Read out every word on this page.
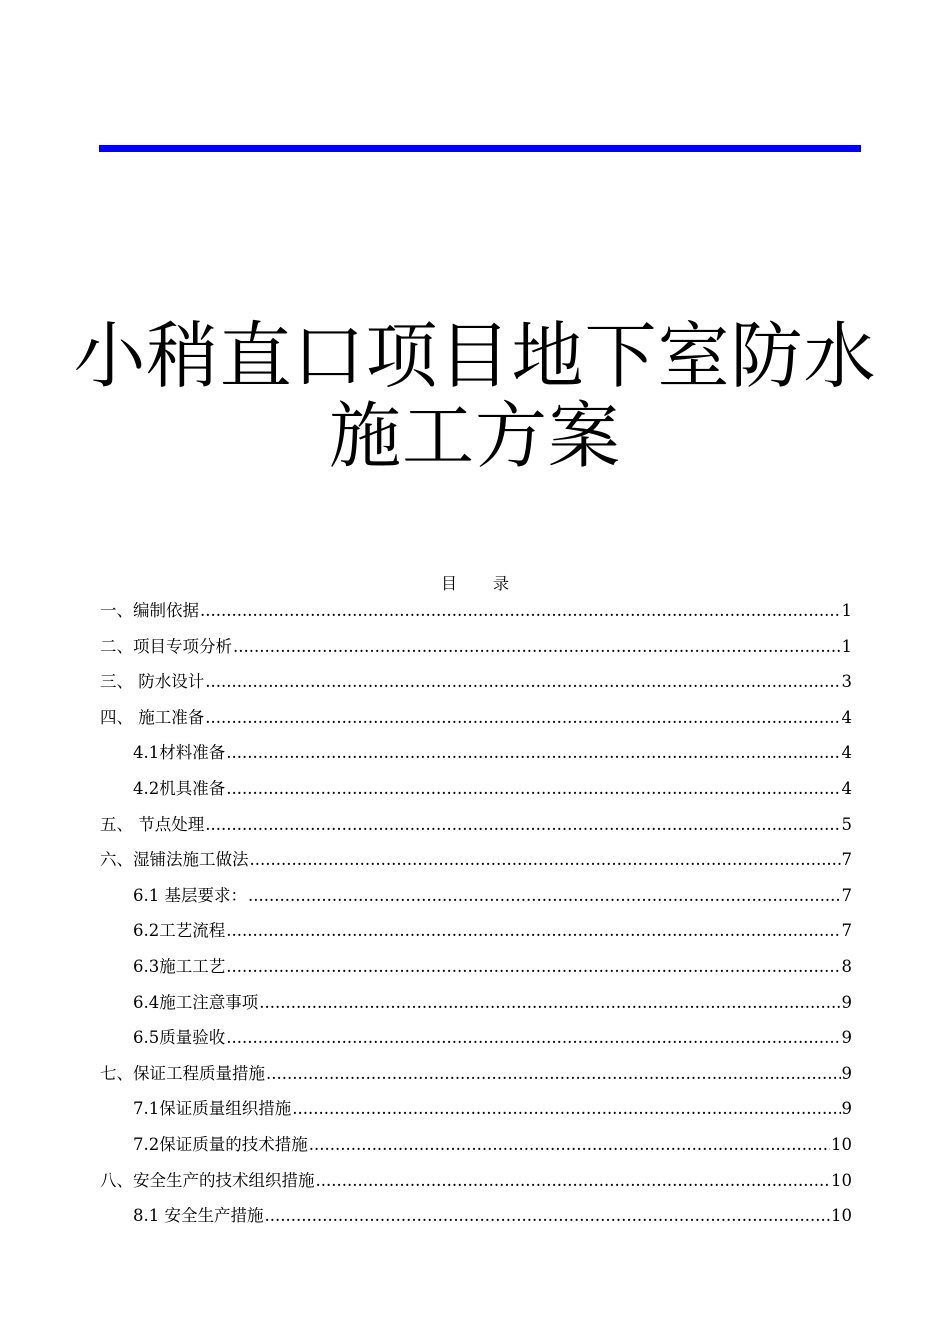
小稍直口项目地下室防水
施工方案
目录
一、编制依据 .....	1
二、项目专项分析 .....	1
三、 防水设计 .....	3
四、 施工准备 .....	4
4.1材料准备 .....	4
4.2机具准备 .....	4
五、 节点处理 .....	5
六、湿铺法施工做法 .....	7
6.1 基层要求： .....	7
6.2工艺流程 .....	7
6.3施工工艺 .....	8
6.4施工注意事项 .....	9
6.5质量验收 .....	9
七、保证工程质量措施 .....	9
7.1保证质量组织措施 .....	9
7.2保证质量的技术措施 .....	10
八、安全生产的技术组织措施 .....	10
8.1 安全生产措施 .....	10
